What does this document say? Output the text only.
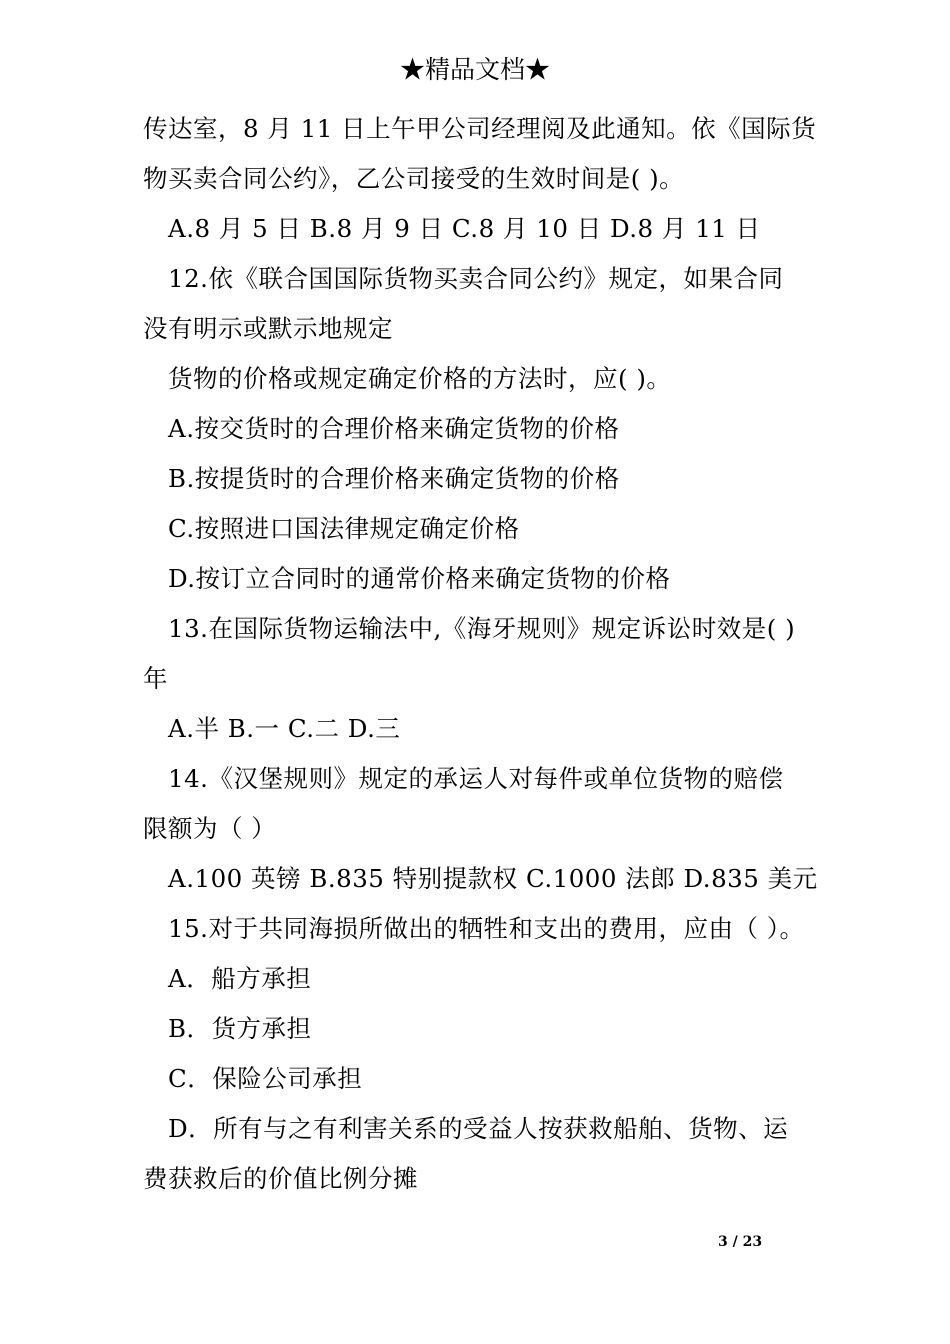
★精品文档★
传达室，8 月 11 日上午甲公司经理阅及此通知。依《国际货
物买卖合同公约》，乙公司接受的生效时间是( )。
A.8 月 5 日 B.8 月 9 日 C.8 月 10 日 D.8 月 11 日
12.依《联合国国际货物买卖合同公约》规定，如果合同
没有明示或默示地规定
货物的价格或规定确定价格的方法时，应( )。
A.按交货时的合理价格来确定货物的价格
B.按提货时的合理价格来确定货物的价格
C.按照进口国法律规定确定价格
D.按订立合同时的通常价格来确定货物的价格
13.在国际货物运输法中,《海牙规则》规定诉讼时效是( )
年
A.半 B.一 C.二 D.三
14.《汉堡规则》规定的承运人对每件或单位货物的赔偿
限额为（ ）
A.100 英镑 B.835 特别提款权 C.1000 法郎 D.835 美元
15.对于共同海损所做出的牺牲和支出的费用，应由（ ）。
A．船方承担
B．货方承担
C．保险公司承担
D．所有与之有利害关系的受益人按获救船舶、货物、运
费获救后的价值比例分摊
3 / 23
